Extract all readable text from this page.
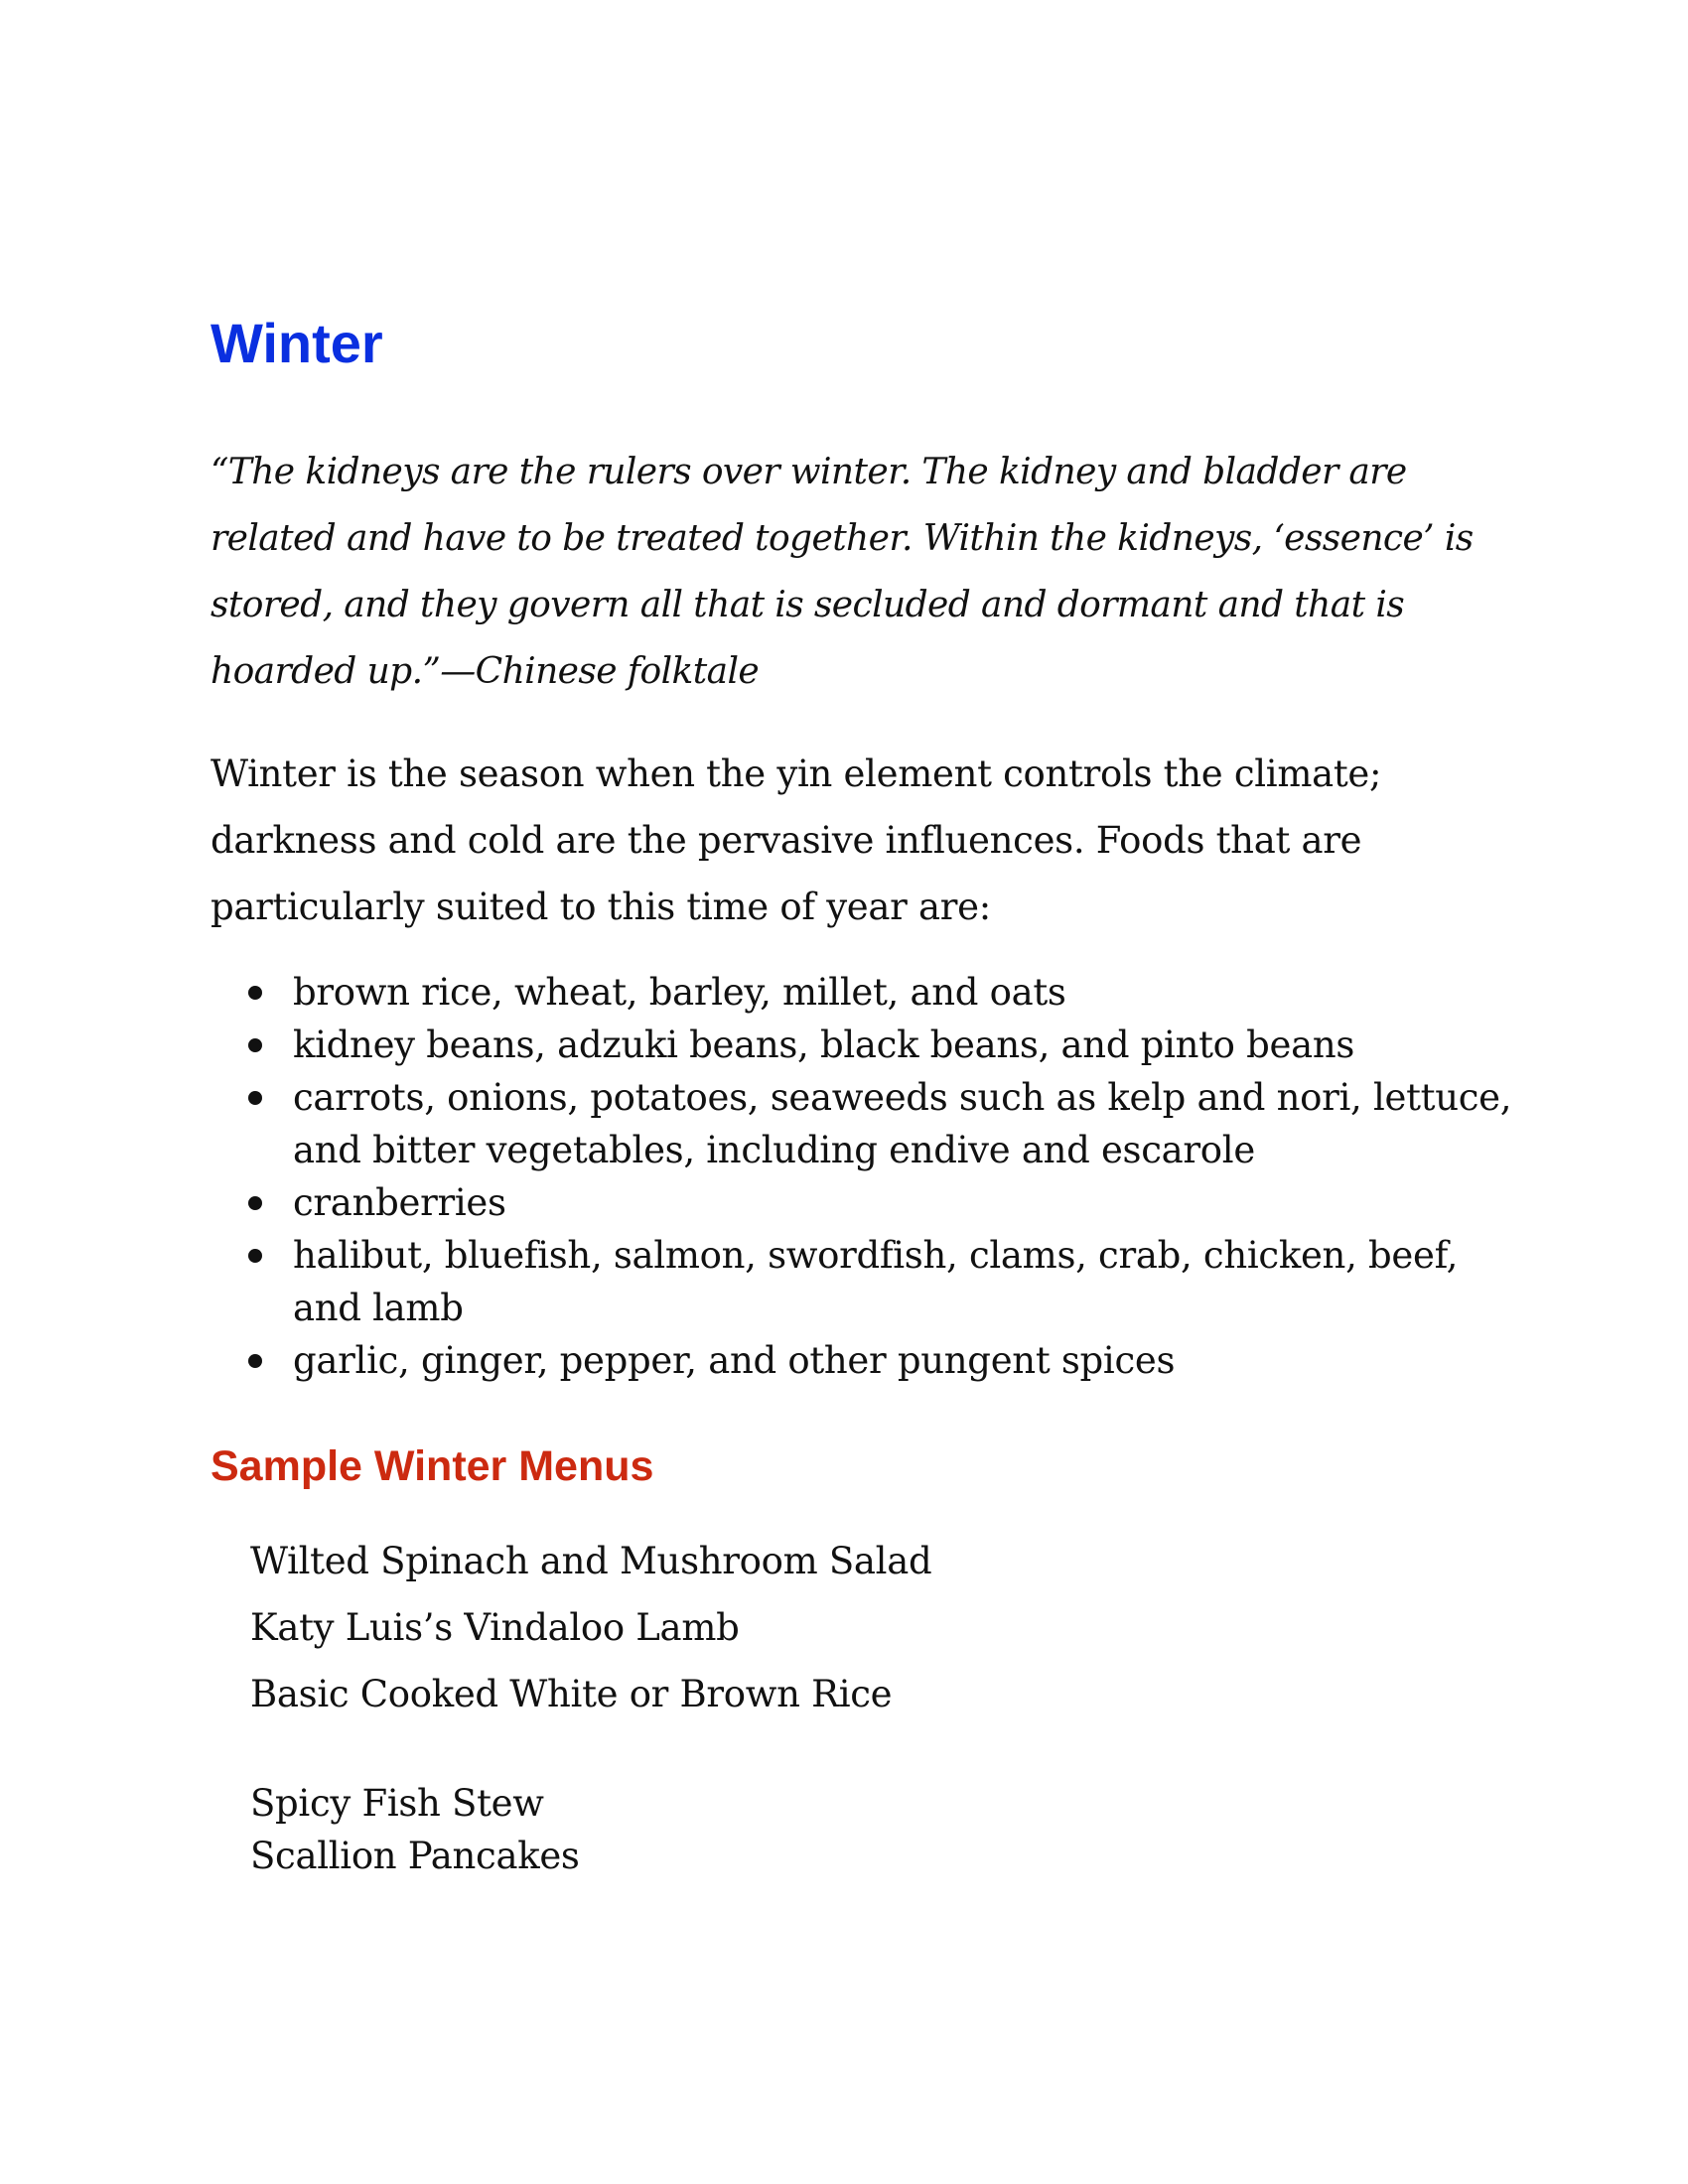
Winter

“The kidneys are the rulers over winter. The kidney and bladder are related and have to be treated together. Within the kidneys, ‘essence’ is stored, and they govern all that is secluded and dormant and that is hoarded up.”—Chinese folktale

Winter is the season when the yin element controls the climate; darkness and cold are the pervasive influences. Foods that are particularly suited to this time of year are:

brown rice, wheat, barley, millet, and oats
kidney beans, adzuki beans, black beans, and pinto beans
carrots, onions, potatoes, seaweeds such as kelp and nori, lettuce, and bitter vegetables, including endive and escarole
cranberries
halibut, bluefish, salmon, swordfish, clams, crab, chicken, beef, and lamb
garlic, ginger, pepper, and other pungent spices
Sample Winter Menus
Wilted Spinach and Mushroom Salad
Katy Luis’s Vindaloo Lamb
Basic Cooked White or Brown Rice
Spicy Fish Stew
Scallion Pancakes
